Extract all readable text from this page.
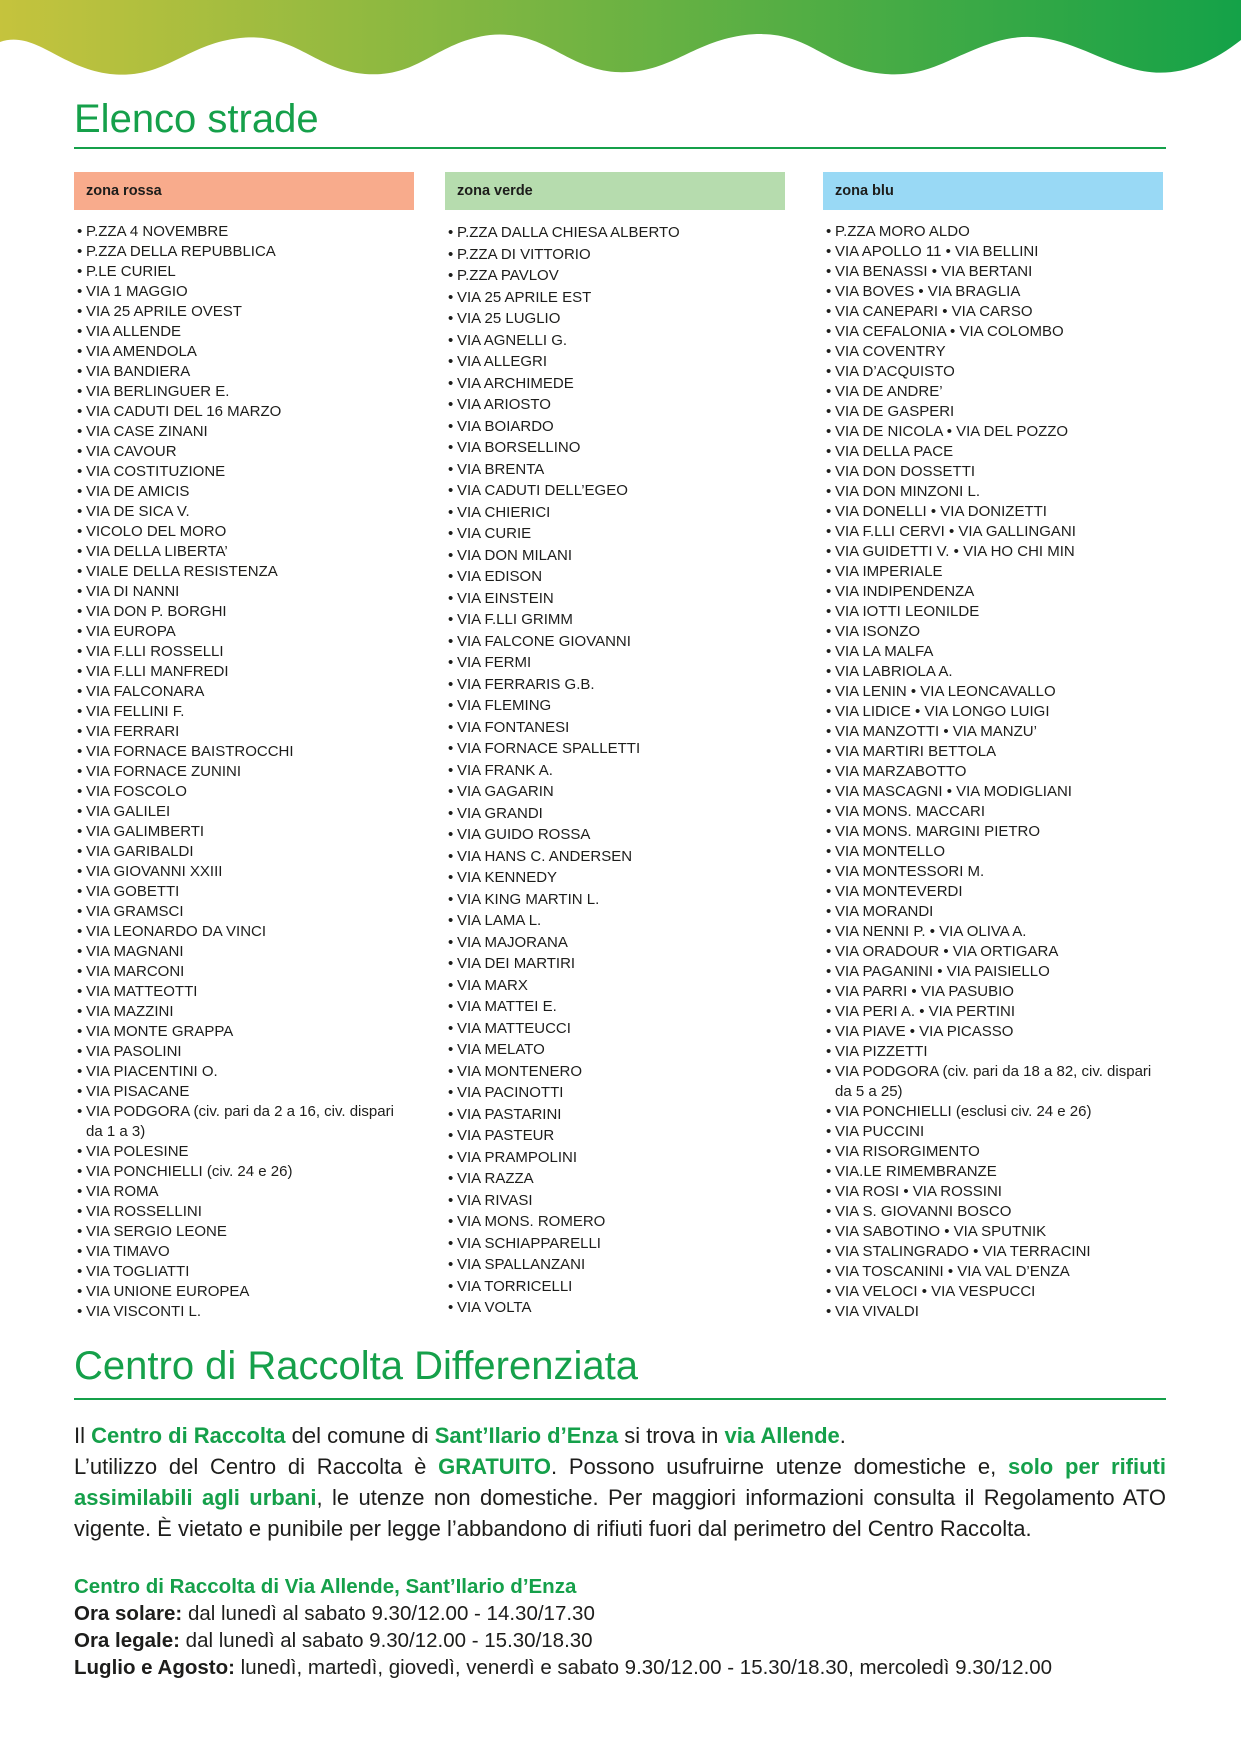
Elenco strade
zona rossa
• P.ZZA 4 NOVEMBRE
• P.ZZA DELLA REPUBBLICA
• P.LE CURIEL
• VIA 1 MAGGIO
• VIA 25 APRILE OVEST
• VIA ALLENDE
• VIA AMENDOLA
• VIA BANDIERA
• VIA BERLINGUER E.
• VIA CADUTI DEL 16 MARZO
• VIA CASE ZINANI
• VIA CAVOUR
• VIA COSTITUZIONE
• VIA DE AMICIS
• VIA DE SICA V.
• VICOLO DEL MORO
• VIA DELLA LIBERTA’
• VIALE DELLA RESISTENZA
• VIA DI NANNI
• VIA DON P. BORGHI
• VIA EUROPA
• VIA F.LLI ROSSELLI
• VIA F.LLI MANFREDI
• VIA FALCONARA
• VIA FELLINI F.
• VIA FERRARI
• VIA FORNACE BAISTROCCHI
• VIA FORNACE ZUNINI
• VIA FOSCOLO
• VIA GALILEI
• VIA GALIMBERTI
• VIA GARIBALDI
• VIA GIOVANNI XXIII
• VIA GOBETTI
• VIA GRAMSCI
• VIA LEONARDO DA VINCI
• VIA MAGNANI
• VIA MARCONI
• VIA MATTEOTTI
• VIA MAZZINI
• VIA MONTE GRAPPA
• VIA PASOLINI
• VIA PIACENTINI O.
• VIA PISACANE
• VIA PODGORA (civ. pari da 2 a 16, civ. dispari da 1 a 3)
• VIA POLESINE
• VIA PONCHIELLI (civ. 24 e 26)
• VIA ROMA
• VIA ROSSELLINI
• VIA SERGIO LEONE
• VIA TIMAVO
• VIA TOGLIATTI
• VIA UNIONE EUROPEA
• VIA VISCONTI L.
zona verde
• P.ZZA DALLA CHIESA ALBERTO
• P.ZZA DI VITTORIO
• P.ZZA PAVLOV
• VIA 25 APRILE EST
• VIA 25 LUGLIO
• VIA AGNELLI G.
• VIA ALLEGRI
• VIA ARCHIMEDE
• VIA ARIOSTO
• VIA BOIARDO
• VIA BORSELLINO
• VIA BRENTA
• VIA CADUTI DELL’EGEO
• VIA CHIERICI
• VIA CURIE
• VIA DON MILANI
• VIA EDISON
• VIA EINSTEIN
• VIA F.LLI GRIMM
• VIA FALCONE GIOVANNI
• VIA FERMI
• VIA FERRARIS G.B.
• VIA FLEMING
• VIA FONTANESI
• VIA FORNACE SPALLETTI
• VIA FRANK A.
• VIA GAGARIN
• VIA GRANDI
• VIA GUIDO ROSSA
• VIA HANS C. ANDERSEN
• VIA KENNEDY
• VIA KING MARTIN L.
• VIA LAMA L.
• VIA MAJORANA
• VIA DEI MARTIRI
• VIA MARX
• VIA MATTEI E.
• VIA MATTEUCCI
• VIA MELATO
• VIA MONTENERO
• VIA PACINOTTI
• VIA PASTARINI
• VIA PASTEUR
• VIA PRAMPOLINI
• VIA RAZZA
• VIA RIVASI
• VIA MONS. ROMERO
• VIA SCHIAPPARELLI
• VIA SPALLANZANI
• VIA TORRICELLI
• VIA VOLTA
zona blu
• P.ZZA MORO ALDO
• VIA APOLLO 11 • VIA BELLINI
• VIA BENASSI • VIA BERTANI
• VIA BOVES • VIA BRAGLIA
• VIA CANEPARI • VIA CARSO
• VIA CEFALONIA • VIA COLOMBO
• VIA COVENTRY
• VIA D’ACQUISTO
• VIA DE ANDRE’
• VIA DE GASPERI
• VIA DE NICOLA • VIA DEL POZZO
• VIA DELLA PACE
• VIA DON DOSSETTI
• VIA DON MINZONI L.
• VIA DONELLI • VIA DONIZETTI
• VIA F.LLI CERVI • VIA GALLINGANI
• VIA GUIDETTI V. • VIA HO CHI MIN
• VIA IMPERIALE
• VIA INDIPENDENZA
• VIA IOTTI LEONILDE
• VIA ISONZO
• VIA LA MALFA
• VIA LABRIOLA A.
• VIA LENIN • VIA LEONCAVALLO
• VIA LIDICE • VIA LONGO LUIGI
• VIA MANZOTTI • VIA MANZU’
• VIA MARTIRI BETTOLA
• VIA MARZABOTTO
• VIA MASCAGNI • VIA MODIGLIANI
• VIA MONS. MACCARI
• VIA MONS. MARGINI PIETRO
• VIA MONTELLO
• VIA MONTESSORI M.
• VIA MONTEVERDI
• VIA MORANDI
• VIA NENNI P. • VIA OLIVA A.
• VIA ORADOUR • VIA ORTIGARA
• VIA PAGANINI • VIA PAISIELLO
• VIA PARRI • VIA PASUBIO
• VIA PERI A. • VIA PERTINI
• VIA PIAVE • VIA PICASSO
• VIA PIZZETTI
• VIA PODGORA (civ. pari da 18 a 82, civ. dispari da 5 a 25)
• VIA PONCHIELLI (esclusi civ. 24 e 26)
• VIA PUCCINI
• VIA RISORGIMENTO
• VIA.LE RIMEMBRANZE
• VIA ROSI • VIA ROSSINI
• VIA S. GIOVANNI BOSCO
• VIA SABOTINO • VIA SPUTNIK
• VIA STALINGRADO • VIA TERRACINI
• VIA TOSCANINI • VIA VAL D’ENZA
• VIA VELOCI • VIA VESPUCCI
• VIA VIVALDI
Centro di Raccolta Differenziata

Il Centro di Raccolta del comune di Sant’Ilario d’Enza si trova in via Allende.

L’utilizzo del Centro di Raccolta è GRATUITO. Possono usufruirne utenze domestiche e, solo per rifiuti assimilabili agli urbani, le utenze non domestiche. Per maggiori informazioni consulta il Regolamento ATO vigente. È vietato e punibile per legge l’abbandono di rifiuti fuori dal perimetro del Centro Raccolta.

Centro di Raccolta di Via Allende, Sant’Ilario d’Enza
Ora solare: dal lunedì al sabato 9.30/12.00 - 14.30/17.30
Ora legale: dal lunedì al sabato 9.30/12.00 - 15.30/18.30
Luglio e Agosto: lunedì, martedì, giovedì, venerdì e sabato 9.30/12.00 - 15.30/18.30, mercoledì 9.30/12.00
